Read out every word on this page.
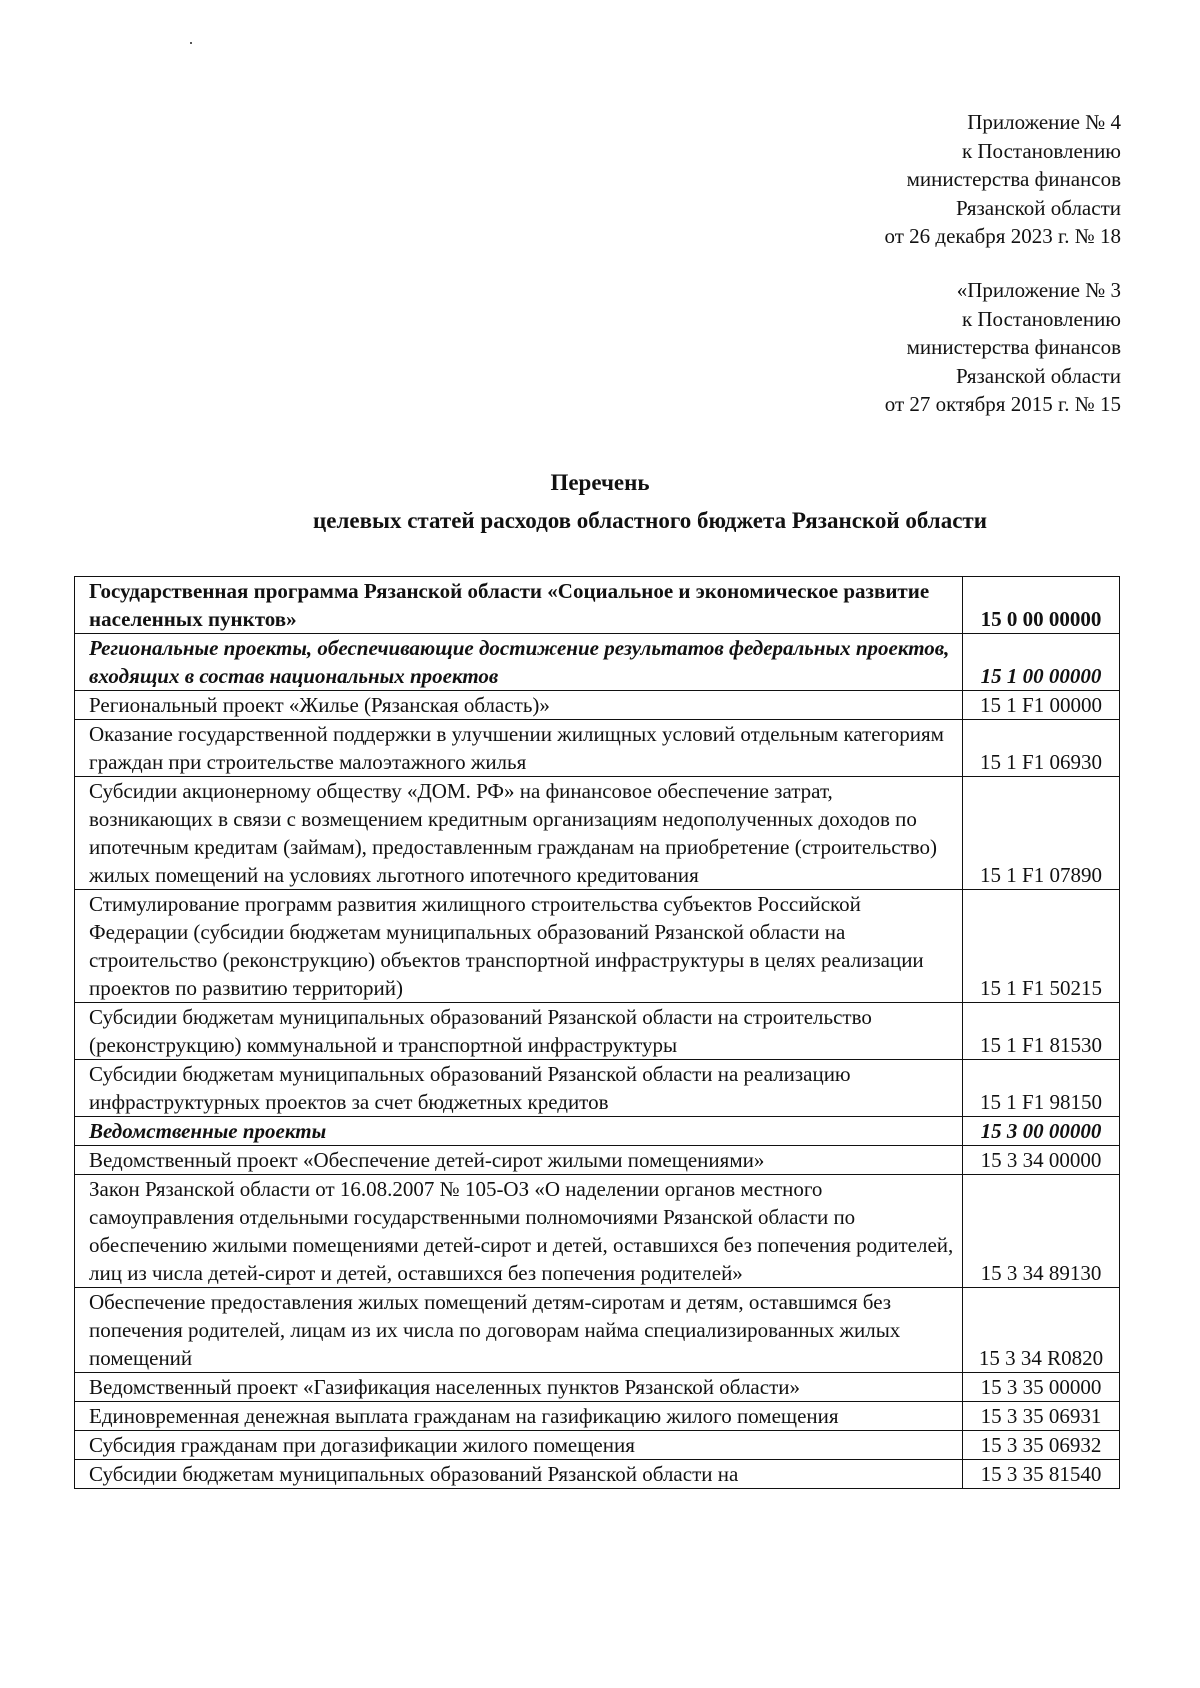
Приложение № 4
к Постановлению
министерства финансов
Рязанской области
от 26 декабря 2023 г. № 18
«Приложение № 3
к Постановлению
министерства финансов
Рязанской области
от 27 октября 2015 г. № 15
Перечень
целевых статей расходов областного бюджета Рязанской области
Государственная программа Рязанской области «Социальное и экономическое развитие населенных пунктов»	15 0 00 00000
Региональные проекты, обеспечивающие достижение результатов федеральных проектов, входящих в состав национальных проектов	15 1 00 00000
Региональный проект «Жилье (Рязанская область)»	15 1 F1 00000
Оказание государственной поддержки в улучшении жилищных условий отдельным категориям граждан при строительстве малоэтажного жилья	15 1 F1 06930
Субсидии акционерному обществу «ДОМ. РФ» на финансовое обеспечение затрат, возникающих в связи с возмещением кредитным организациям недополученных доходов по ипотечным кредитам (займам), предоставленным гражданам на приобретение (строительство) жилых помещений на условиях льготного ипотечного кредитования	15 1 F1 07890
Стимулирование программ развития жилищного строительства субъектов Российской Федерации (субсидии бюджетам муниципальных образований Рязанской области на строительство (реконструкцию) объектов транспортной инфраструктуры в целях реализации проектов по развитию территорий)	15 1 F1 50215
Субсидии бюджетам муниципальных образований Рязанской области на строительство (реконструкцию) коммунальной и транспортной инфраструктуры	15 1 F1 81530
Субсидии бюджетам муниципальных образований Рязанской области на реализацию инфраструктурных проектов за счет бюджетных кредитов	15 1 F1 98150
Ведомственные проекты	15 3 00 00000
Ведомственный проект «Обеспечение детей-сирот жилыми помещениями»	15 3 34 00000
Закон Рязанской области от 16.08.2007 № 105-ОЗ «О наделении органов местного самоуправления отдельными государственными полномочиями Рязанской области по обеспечению жилыми помещениями детей-сирот и детей, оставшихся без попечения родителей, лиц из числа детей-сирот и детей, оставшихся без попечения родителей»	15 3 34 89130
Обеспечение предоставления жилых помещений детям-сиротам и детям, оставшимся без попечения родителей, лицам из их числа по договорам найма специализированных жилых помещений	15 3 34 R0820
Ведомственный проект «Газификация населенных пунктов Рязанской области»	15 3 35 00000
Единовременная денежная выплата гражданам на газификацию жилого помещения	15 3 35 06931
Субсидия гражданам при догазификации жилого помещения	15 3 35 06932
Субсидии бюджетам муниципальных образований Рязанской области на	15 3 35 81540
